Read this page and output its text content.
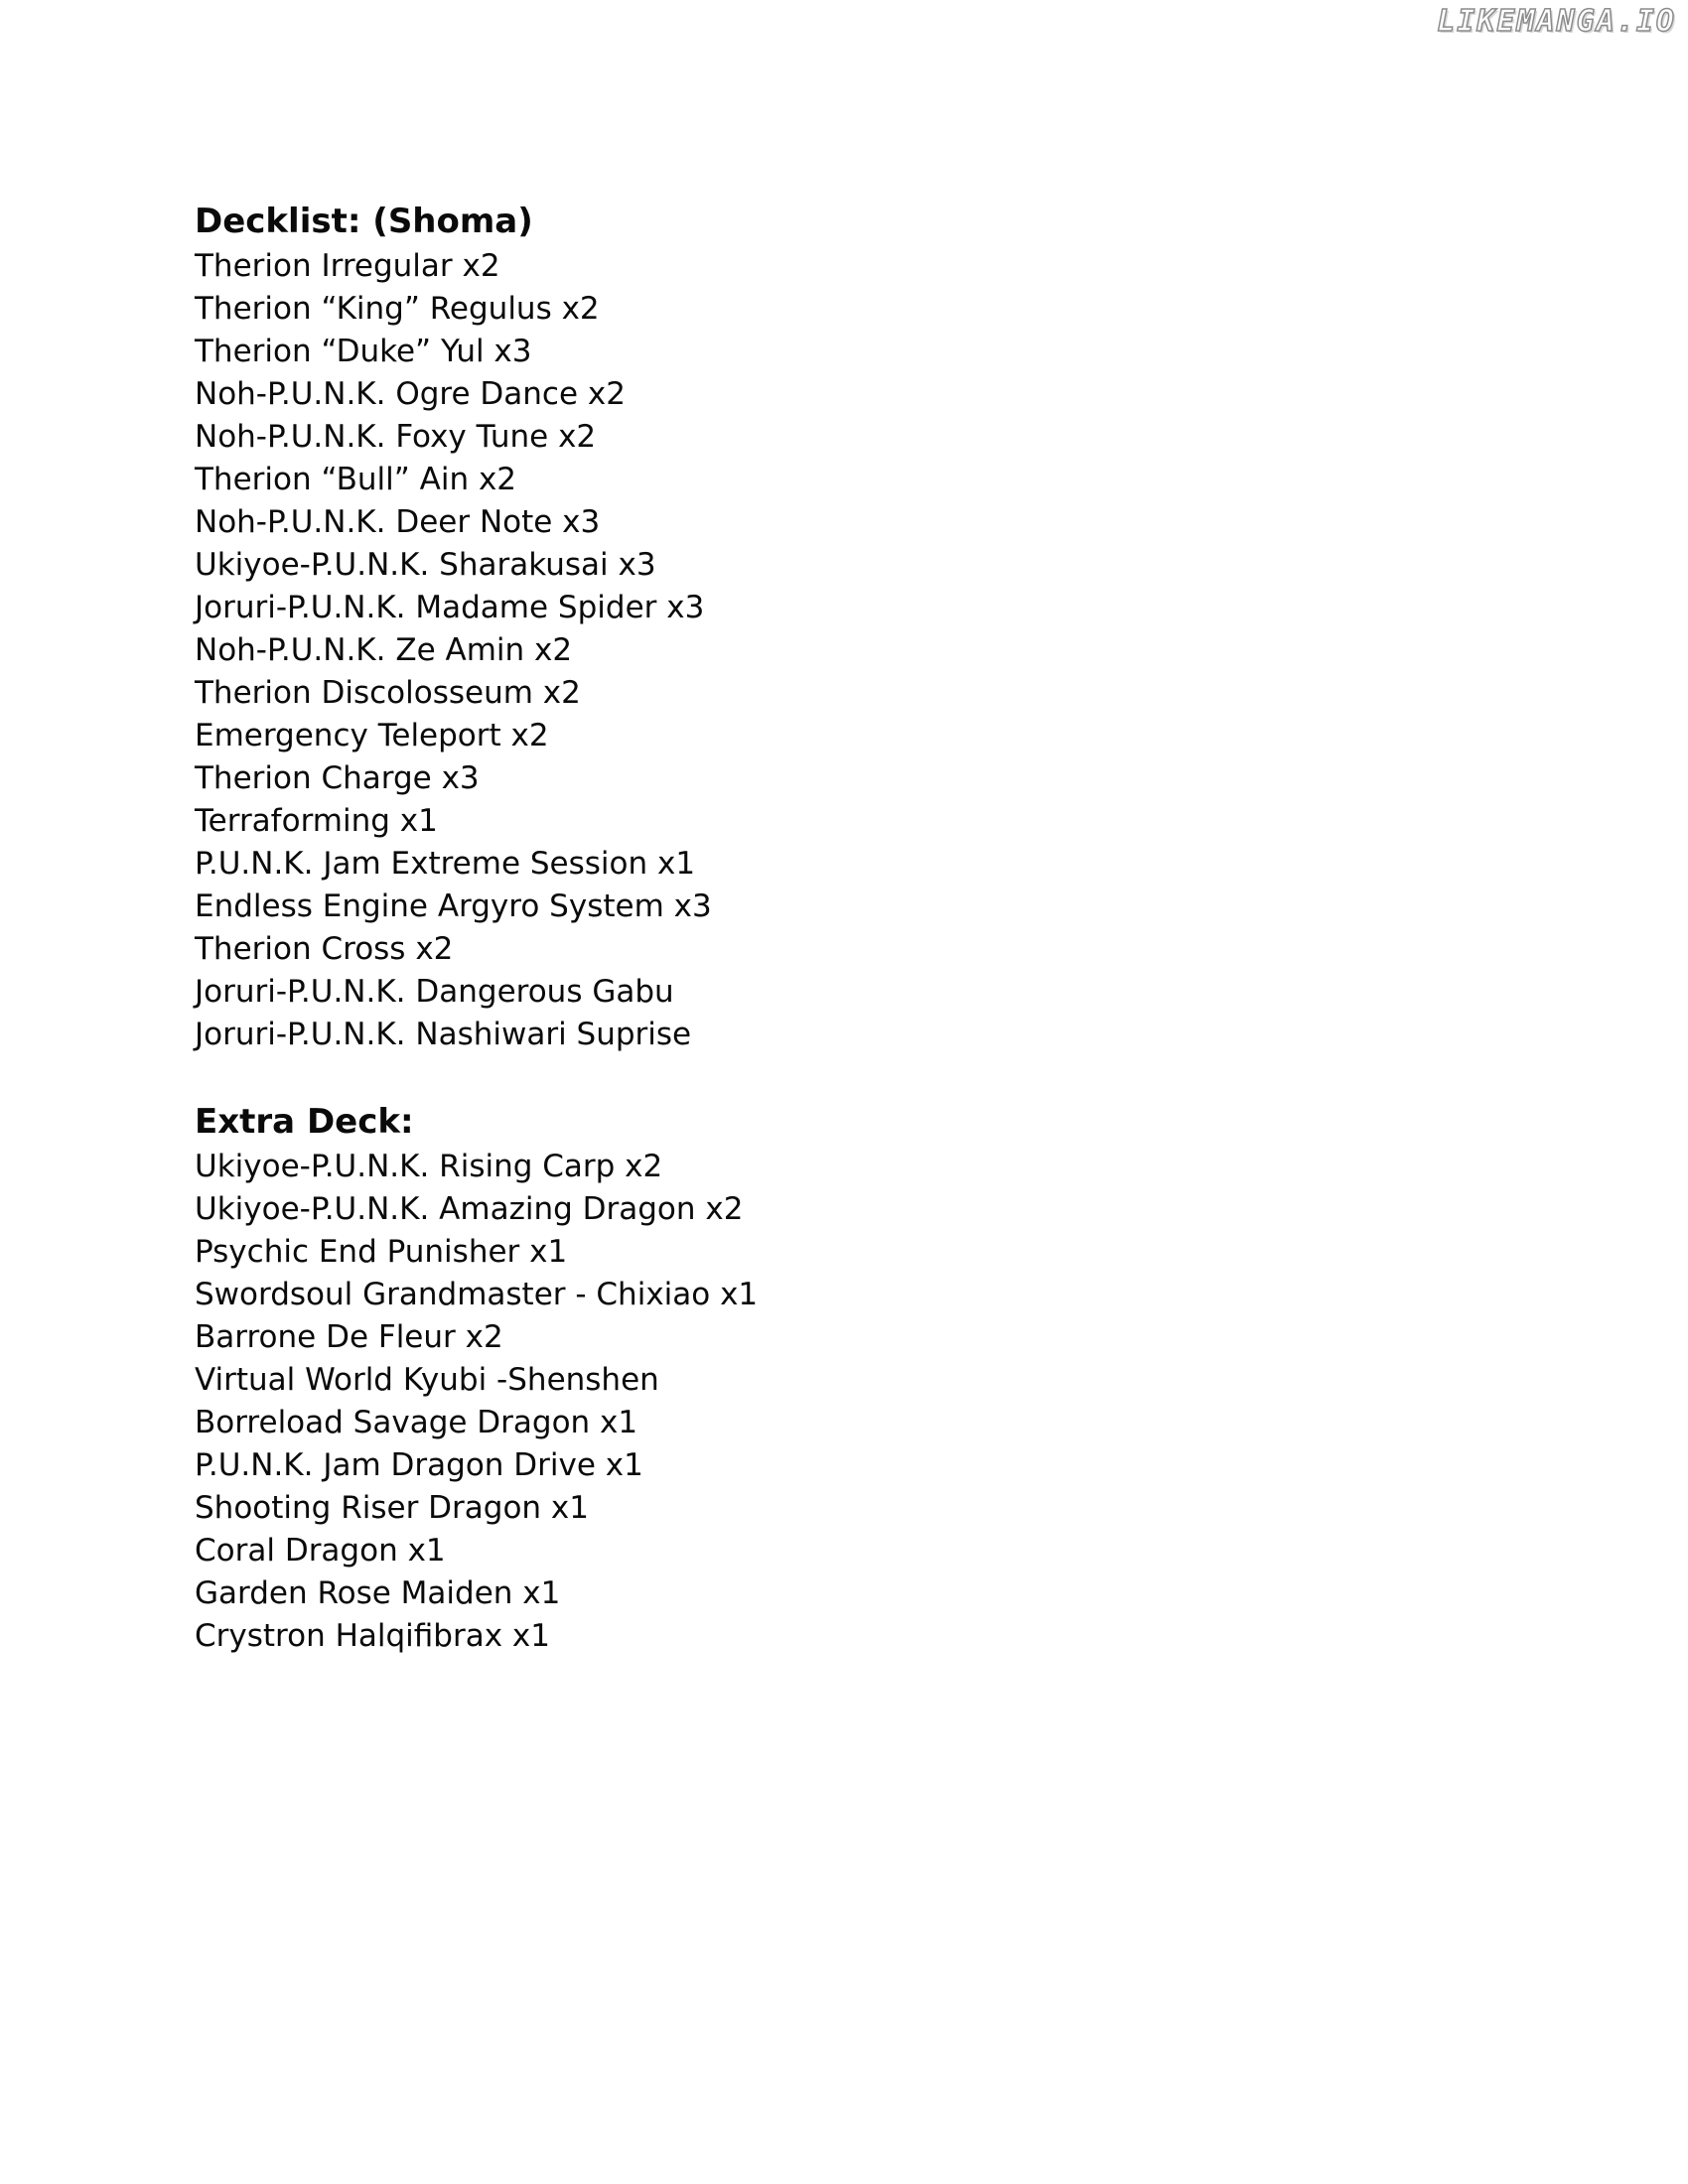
LIKEMANGA.IO
Decklist: (Shoma)
Therion Irregular x2
Therion “King” Regulus x2
Therion “Duke” Yul x3
Noh-P.U.N.K. Ogre Dance x2
Noh-P.U.N.K. Foxy Tune x2
Therion “Bull” Ain x2
Noh-P.U.N.K. Deer Note x3
Ukiyoe-P.U.N.K. Sharakusai x3
Joruri-P.U.N.K. Madame Spider x3
Noh-P.U.N.K. Ze Amin x2
Therion Discolosseum x2
Emergency Teleport x2
Therion Charge x3
Terraforming x1
P.U.N.K. Jam Extreme Session x1
Endless Engine Argyro System x3
Therion Cross x2
Joruri-P.U.N.K. Dangerous Gabu
Joruri-P.U.N.K. Nashiwari Suprise
Extra Deck:
Ukiyoe-P.U.N.K. Rising Carp x2
Ukiyoe-P.U.N.K. Amazing Dragon x2
Psychic End Punisher x1
Swordsoul Grandmaster - Chixiao x1
Barrone De Fleur x2
Virtual World Kyubi -Shenshen
Borreload Savage Dragon x1
P.U.N.K. Jam Dragon Drive x1
Shooting Riser Dragon x1
Coral Dragon x1
Garden Rose Maiden x1
Crystron Halqifibrax x1
